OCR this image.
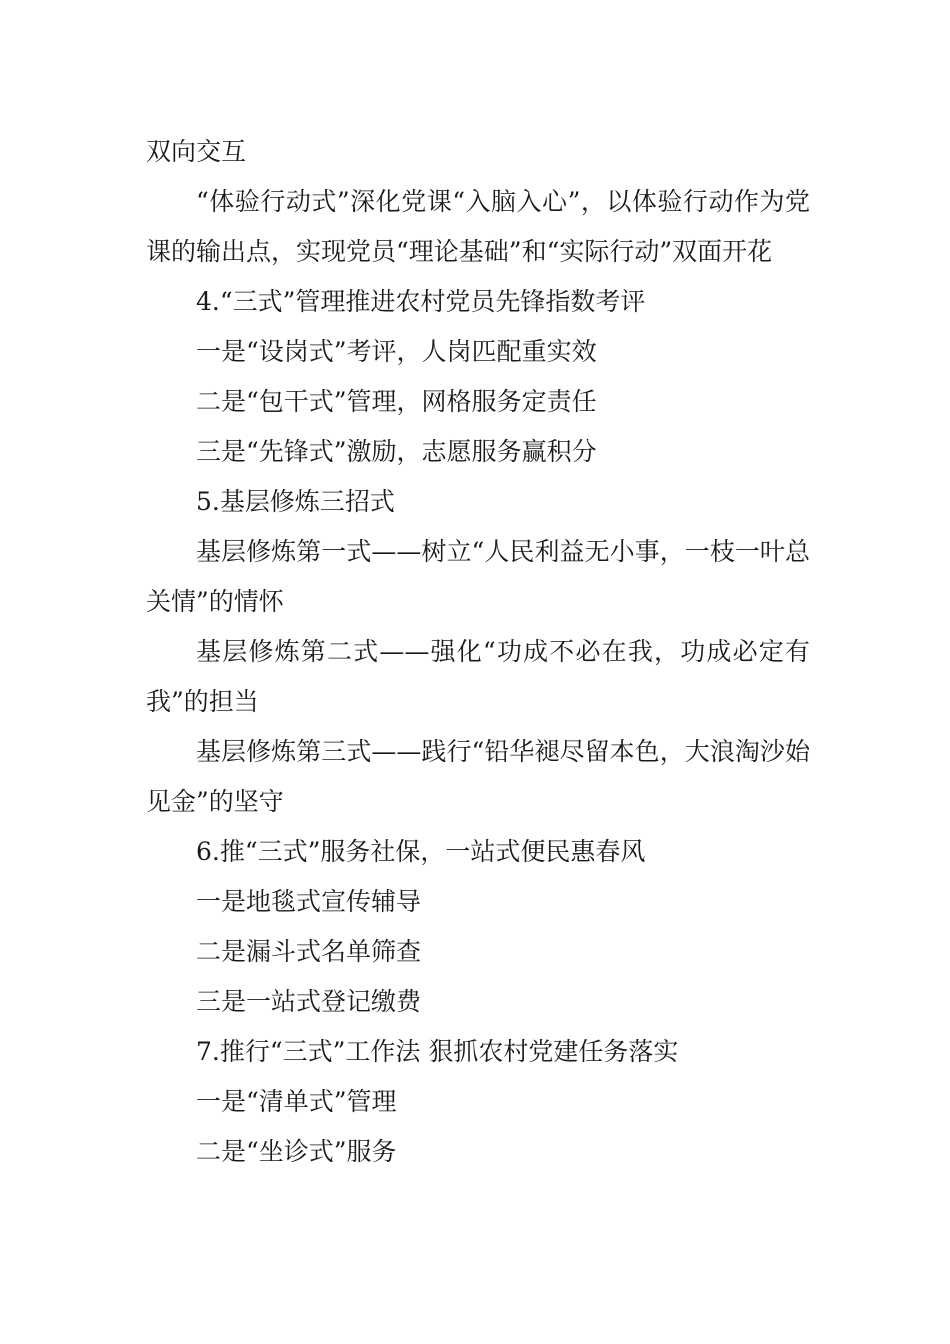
双向交互

“体验行动式”深化党课“入脑入心”，以体验行动作为党课的输出点，实现党员“理论基础”和“实际行动”双面开花

4.“三式”管理推进农村党员先锋指数考评

一是“设岗式”考评，人岗匹配重实效

二是“包干式”管理，网格服务定责任

三是“先锋式”激励，志愿服务赢积分

5.基层修炼三招式

基层修炼第一式——树立“人民利益无小事，一枝一叶总关情”的情怀

基层修炼第二式——强化“功成不必在我，功成必定有我”的担当

基层修炼第三式——践行“铅华褪尽留本色，大浪淘沙始见金”的坚守

6.推“三式”服务社保，一站式便民惠春风

一是地毯式宣传辅导

二是漏斗式名单筛查

三是一站式登记缴费

7.推行“三式”工作法 狠抓农村党建任务落实

一是“清单式”管理

二是“坐诊式”服务
